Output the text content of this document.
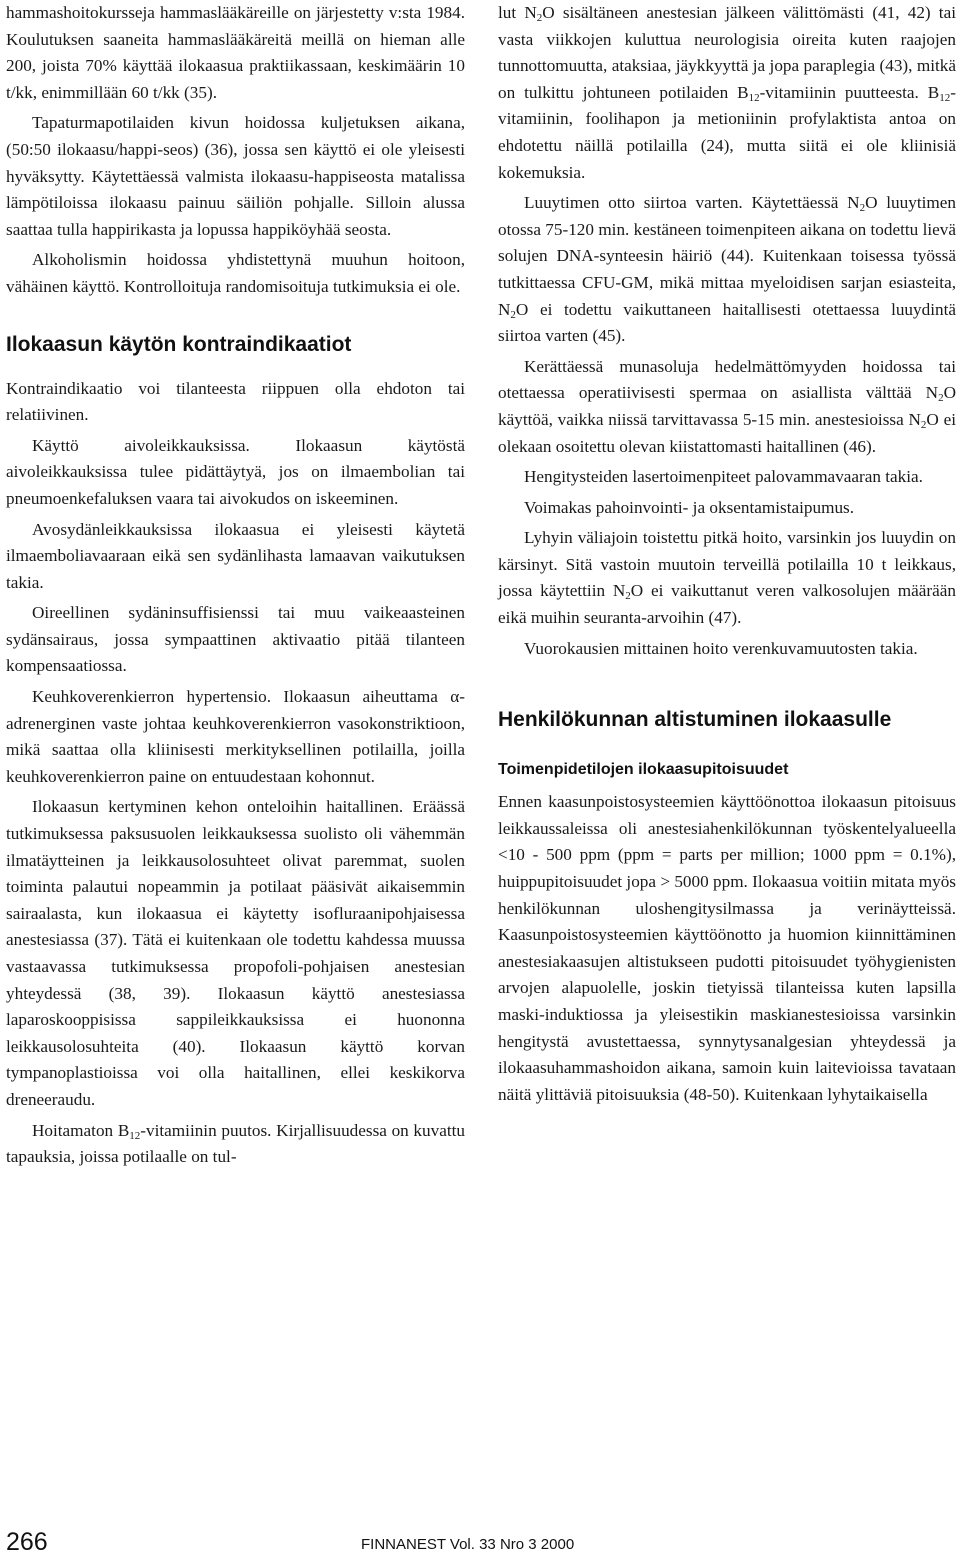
hammashoitokursseja hammaslääkäreille on järjestetty v:sta 1984. Koulutuksen saaneita hammaslääkäreitä meillä on hieman alle 200, joista 70% käyttää ilokaasua praktiikassaan, keskimäärin 10 t/kk, enimmillään 60 t/kk (35).

Tapaturmapotilaiden kivun hoidossa kuljetuksen aikana, (50:50 ilokaasu/happi-seos) (36), jossa sen käyttö ei ole yleisesti hyväksytty. Käytettäessä valmista ilokaasu-happiseosta matalissa lämpötiloissa ilokaasu painuu säiliön pohjalle. Silloin alussa saattaa tulla happirikasta ja lopussa happiköyhää seosta.

Alkoholismin hoidossa yhdistettynä muuhun hoitoon, vähäinen käyttö. Kontrolloituja randomisoituja tutkimuksia ei ole.

Ilokaasun käytön kontraindikaatiot

Kontraindikaatio voi tilanteesta riippuen olla ehdoton tai relatiivinen.

Käyttö aivoleikkauksissa. Ilokaasun käytöstä aivoleikkauksissa tulee pidättäytyä, jos on ilmaembolian tai pneumoenkefaluksen vaara tai aivokudos on iskeeminen.

Avosydänleikkauksissa ilokaasua ei yleisesti käytetä ilmaemboliavaaraan eikä sen sydänlihasta lamaavan vaikutuksen takia.

Oireellinen sydäninsuffisienssi tai muu vaikeaasteinen sydänsairaus, jossa sympaattinen aktivaatio pitää tilanteen kompensaatiossa.

Keuhkoverenkierron hypertensio. Ilokaasun aiheuttama α-adrenerginen vaste johtaa keuhkoverenkierron vasokonstriktioon, mikä saattaa olla kliinisesti merkityksellinen potilailla, joilla keuhkoverenkierron paine on entuudestaan kohonnut.

Ilokaasun kertyminen kehon onteloihin haitallinen. Eräässä tutkimuksessa paksusuolen leikkauksessa suolisto oli vähemmän ilmatäytteinen ja leikkausolosuhteet olivat paremmat, suolen toiminta palautui nopeammin ja potilaat pääsivät aikaisemmin sairaalasta, kun ilokaasua ei käytetty isofluraanipohjaisessa anestesiassa (37). Tätä ei kuitenkaan ole todettu kahdessa muussa vastaavassa tutkimuksessa propofoli-pohjaisen anestesian yhteydessä (38, 39). Ilokaasun käyttö anestesiassa laparoskooppisissa sappileikkauksissa ei huononna leikkausolosuhteita (40). Ilokaasun käyttö korvan tympanoplastioissa voi olla haitallinen, ellei keskikorva dreneeraudu.

Hoitamaton $B_{12}$-vitamiinin puutos. Kirjallisuudessa on kuvattu tapauksia, joissa potilaalle on tul-

lut $N_2O$ sisältäneen anestesian jälkeen välittömästi (41, 42) tai vasta viikkojen kuluttua neurologisia oireita kuten raajojen tunnottomuutta, ataksiaa, jäykkyyttä ja jopa paraplegia (43), mitkä on tulkittu johtuneen potilaiden $B_{12}$-vitamiinin puutteesta. $B_{12}$-vitamiinin, foolihapon ja metioniinin profylaktista antoa on ehdotettu näillä potilailla (24), mutta siitä ei ole kliinisiä kokemuksia.

Luuytimen otto siirtoa varten. Käytettäessä $N_2O$ luuytimen otossa 75-120 min. kestäneen toimenpiteen aikana on todettu lievä solujen DNA-synteesin häiriö (44). Kuitenkaan toisessa työssä tutkittaessa CFU-GM, mikä mittaa myeloidisen sarjan esiasteita, $N_2O$ ei todettu vaikuttaneen haitallisesti otettaessa luuydintä siirtoa varten (45).

Kerättäessä munasoluja hedelmättömyyden hoidossa tai otettaessa operatiivisesti spermaa on asiallista välttää $N_2O$ käyttöä, vaikka niissä tarvittavassa 5-15 min. anestesioissa $N_2O$ ei olekaan osoitettu olevan kiistattomasti haitallinen (46).

Hengitysteiden lasertoimenpiteet palovammavaaran takia.

Voimakas pahoinvointi- ja oksentamistaipumus.

Lyhyin väliajoin toistettu pitkä hoito, varsinkin jos luuydin on kärsinyt. Sitä vastoin muutoin terveillä potilailla 10 t leikkaus, jossa käytettiin $N_2O$ ei vaikuttanut veren valkosolujen määrään eikä muihin seuranta-arvoihin (47).

Vuorokausien mittainen hoito verenkuvamuutosten takia.

Henkilökunnan altistuminen ilokaasulle
Toimenpidetilojen ilokaasupitoisuudet

Ennen kaasunpoistosysteemien käyttöönottoa ilokaasun pitoisuus leikkaussaleissa oli anestesiahenkilökunnan työskentelyalueella <10 - 500 ppm (ppm = parts per million; 1000 ppm = 0.1%), huippupitoisuudet jopa > 5000 ppm. Ilokaasua voitiin mitata myös henkilökunnan uloshengitysilmassa ja verinäytteissä. Kaasunpoistosysteemien käyttöönotto ja huomion kiinnittäminen anestesiakaasujen altistukseen pudotti pitoisuudet työhygienisten arvojen alapuolelle, joskin tietyissä tilanteissa kuten lapsilla maski-induktiossa ja yleisestikin maskianestesioissa varsinkin hengitystä avustettaessa, synnytysanalgesian yhteydessä ja ilokaasuhammashoidon aikana, samoin kuin laitevioissa tavataan näitä ylittäviä pitoisuuksia (48-50). Kuitenkaan lyhytaikaisella

266	FINNANEST Vol. 33 Nro 3 2000
